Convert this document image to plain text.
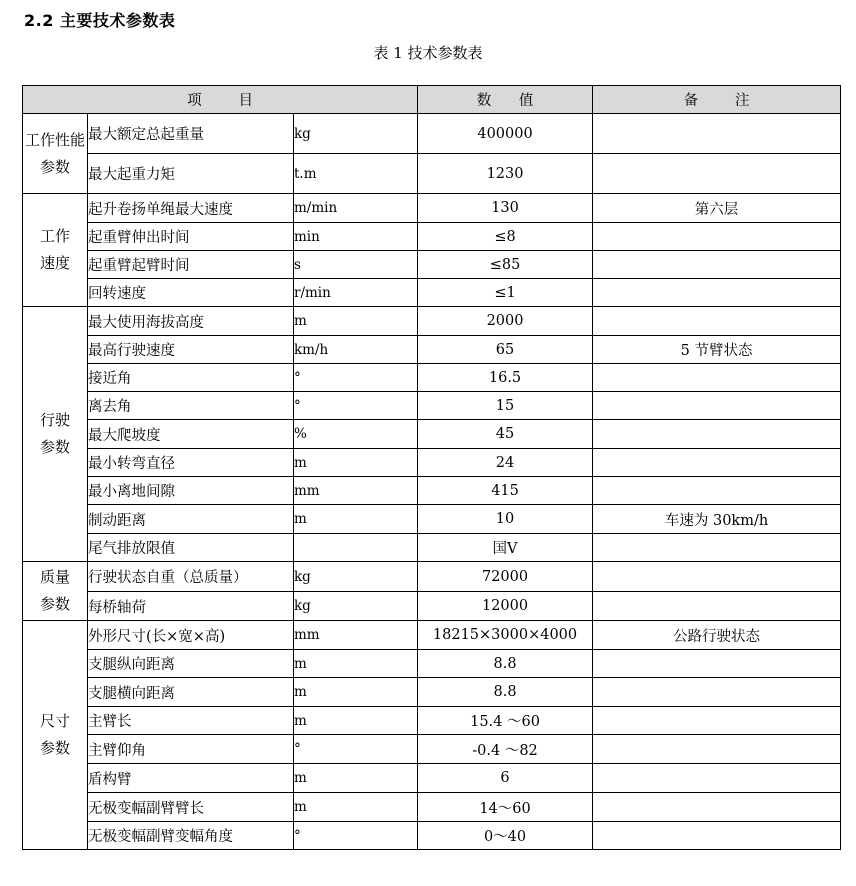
2.2 主要技术参数表
表 1 技术参数表
项        目			数      值	备        注
工作性能参数	最大额定总起重量	kg	400000	
	最大起重力矩	t.m	1230	
工作速度	起升卷扬单绳最大速度	m/min	130	第六层
	起重臂伸出时间	min	≤8	
	起重臂起臂时间	s	≤85	
	回转速度	r/min	≤1	
行驶参数	最大使用海拔高度	m	2000	
	最高行驶速度	km/h	65	5 节臂状态
	接近角	°	16.5	
	离去角	°	15	
	最大爬坡度	%	45	
	最小转弯直径	m	24	
	最小离地间隙	mm	415	
	制动距离	m	10	车速为 30km/h
	尾气排放限值		国Ⅴ	
质量参数	行驶状态自重（总质量）	kg	72000	
	每桥轴荷	kg	12000	
尺寸参数	外形尺寸(长×宽×高)	mm	18215×3000×4000	公路行驶状态
	支腿纵向距离	m	8.8	
	支腿横向距离	m	8.8	
	主臂长	m	15.4 ～60	
	主臂仰角	°	-0.4 ～82	
	盾构臂	m	6	
	无极变幅副臂臂长	m	14～60	
	无极变幅副臂变幅角度	°	0～40	
